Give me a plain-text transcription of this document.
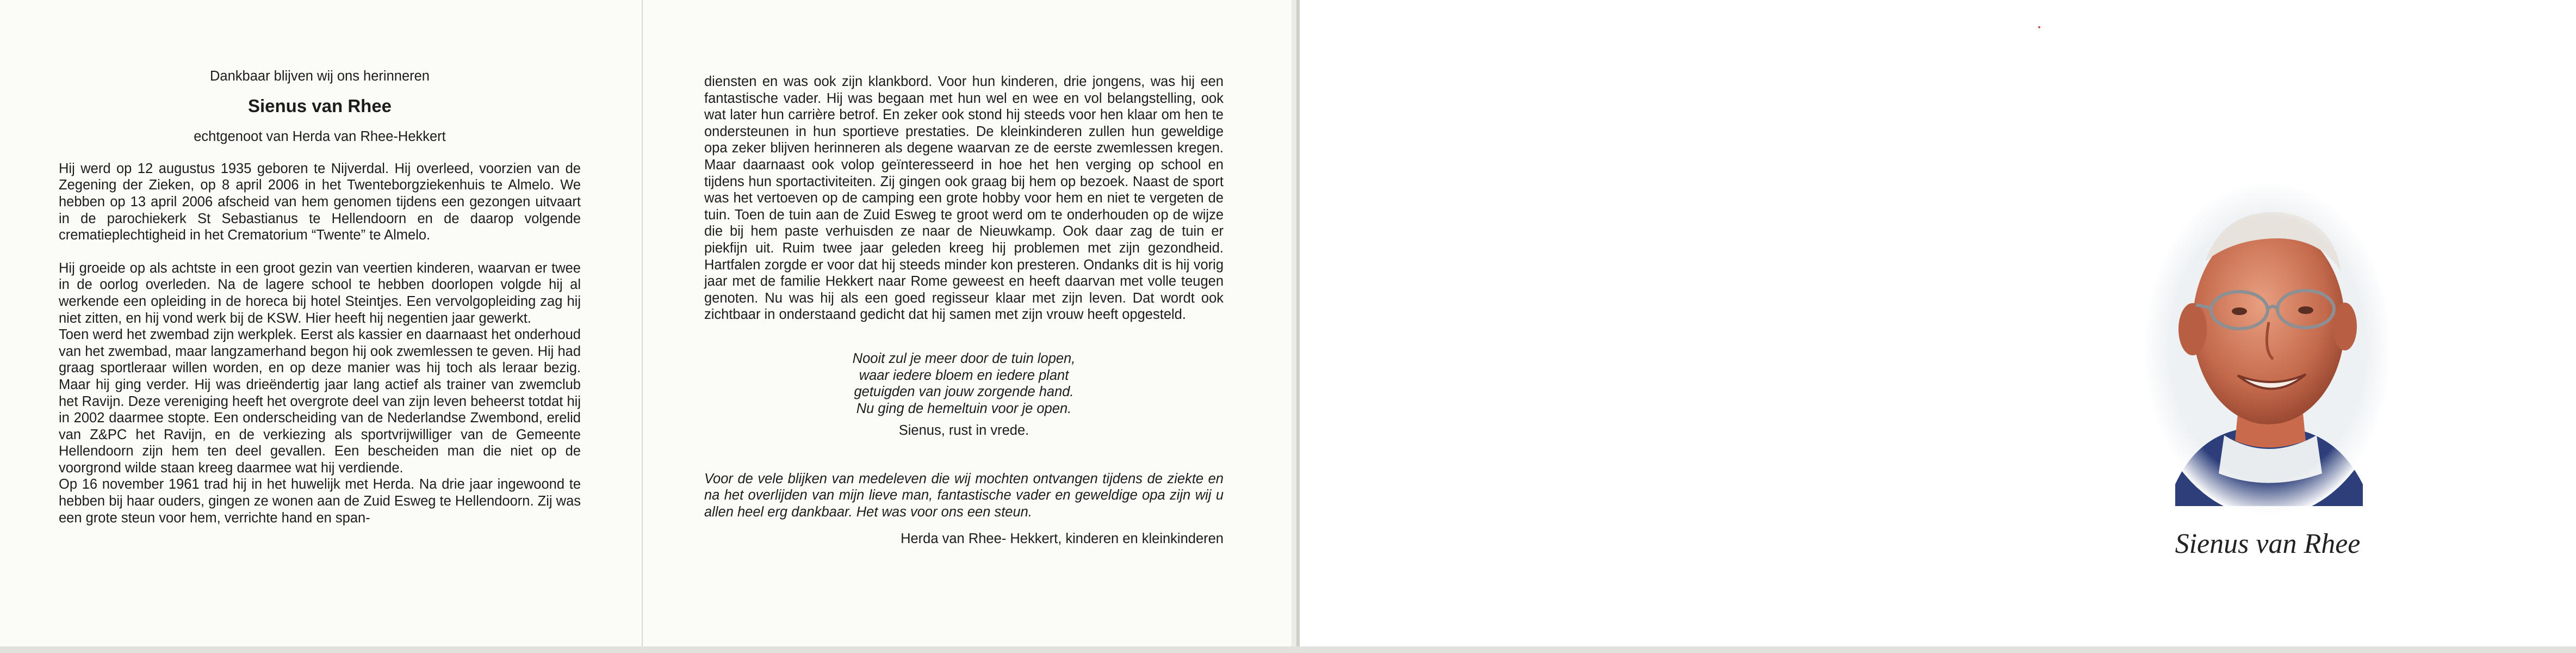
Dankbaar blijven wij ons herinneren

Sienus van Rhee

echtgenoot van Herda van Rhee-Hekkert

Hij werd op 12 augustus 1935 geboren te Nijverdal. Hij overleed, voorzien van de Zegening der Zieken, op 8 april 2006 in het Twenteborgziekenhuis te Almelo. We hebben op 13 april 2006 afscheid van hem genomen tijdens een gezongen uitvaart in de parochiekerk St Sebastianus te Hellendoorn en de daarop volgende crematieplechtigheid in het Crematorium “Twente” te Almelo.

Hij groeide op als achtste in een groot gezin van veertien kinderen, waarvan er twee in de oorlog overleden. Na de lagere school te hebben doorlopen volgde hij al werkende een opleiding in de horeca bij hotel Steintjes. Een vervolgopleiding zag hij niet zitten, en hij vond werk bij de KSW. Hier heeft hij negentien jaar gewerkt.

Toen werd het zwembad zijn werkplek. Eerst als kassier en daarnaast het onderhoud van het zwembad, maar langzamerhand begon hij ook zwemlessen te geven. Hij had graag sportleraar willen worden, en op deze manier was hij toch als leraar bezig. Maar hij ging verder. Hij was drieëndertig jaar lang actief als trainer van zwemclub het Ravijn. Deze vereniging heeft het overgrote deel van zijn leven beheerst totdat hij in 2002 daarmee stopte. Een onderscheiding van de Nederlandse Zwembond, erelid van Z&PC het Ravijn, en de verkiezing als sportvrijwilliger van de Gemeente Hellendoorn zijn hem ten deel gevallen. Een bescheiden man die niet op de voorgrond wilde staan kreeg daarmee wat hij verdiende.

Op 16 november 1961 trad hij in het huwelijk met Herda. Na drie jaar ingewoond te hebben bij haar ouders, gingen ze wonen aan de Zuid Esweg te Hellendoorn. Zij was een grote steun voor hem, verrichte hand en span-

diensten en was ook zijn klankbord. Voor hun kinderen, drie jongens, was hij een fantastische vader. Hij was begaan met hun wel en wee en vol belangstelling, ook wat later hun carrière betrof. En zeker ook stond hij steeds voor hen klaar om hen te ondersteunen in hun sportieve prestaties. De kleinkinderen zullen hun geweldige opa zeker blijven herinneren als degene waarvan ze de eerste zwemlessen kregen. Maar daarnaast ook volop geïnteresseerd in hoe het hen verging op school en tijdens hun sportactiviteiten. Zij gingen ook graag bij hem op bezoek. Naast de sport was het vertoeven op de camping een grote hobby voor hem en niet te vergeten de tuin. Toen de tuin aan de Zuid Esweg te groot werd om te onderhouden op de wijze die bij hem paste verhuisden ze naar de Nieuwkamp. Ook daar zag de tuin er piekfijn uit. Ruim twee jaar geleden kreeg hij problemen met zijn gezondheid. Hartfalen zorgde er voor dat hij steeds minder kon presteren. Ondanks dit is hij vorig jaar met de familie Hekkert naar Rome geweest en heeft daarvan met volle teugen genoten. Nu was hij als een goed regisseur klaar met zijn leven. Dat wordt ook zichtbaar in onderstaand gedicht dat hij samen met zijn vrouw heeft opgesteld.

Nooit zul je meer door de tuin lopen,
waar iedere bloem en iedere plant
getuigden van jouw zorgende hand.
Nu ging de hemeltuin voor je open.

Sienus, rust in vrede.

Voor de vele blijken van medeleven die wij mochten ontvangen tijdens de ziekte en na het overlijden van mijn lieve man, fantastische vader en geweldige opa zijn wij u allen heel erg dankbaar. Het was voor ons een steun.

Herda van Rhee- Hekkert, kinderen en kleinkinderen	Sienus van Rhee
